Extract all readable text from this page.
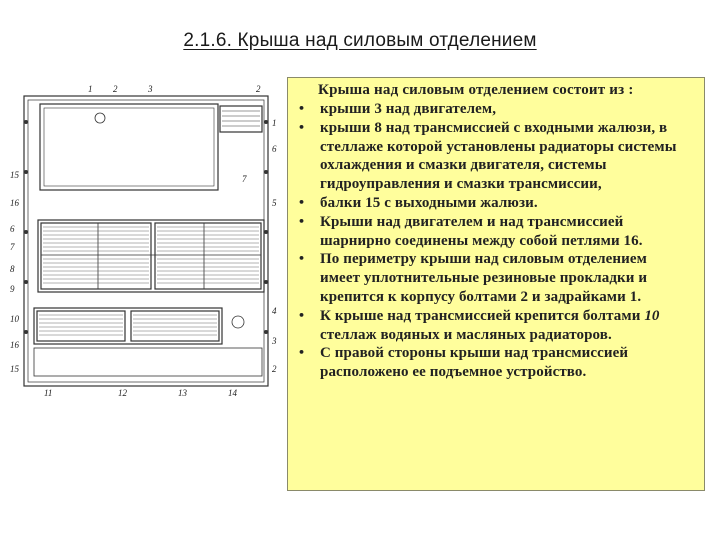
2.1.6. Крыша над силовым отделением
1 2	3	2
1
6
7
5
4
3
2
15
16
6
7
8
9
10
16
15
11	12	13	14
Крыша над силовым отделением состоит из :
• крыши 3 над двигателем,
• крыши 8 над трансмиссией с входными жалюзи, в стеллаже которой установлены радиаторы системы охлаждения и смазки двигателя, системы гидроуправления и смазки трансмиссии,
• балки 15 с выходными жалюзи.
• Крыши над двигателем и над трансмиссией шарнирно соединены между собой петлями 16.
• По периметру крыши над силовым отделением имеет уплотнительные резиновые прокладки и крепится к корпусу болтами 2 и задрайками 1.
• К крыше над трансмиссией крепится болтами 10 стеллаж водяных и масляных радиаторов.
• С правой стороны крыши над трансмиссией расположено ее подъемное устройство.
